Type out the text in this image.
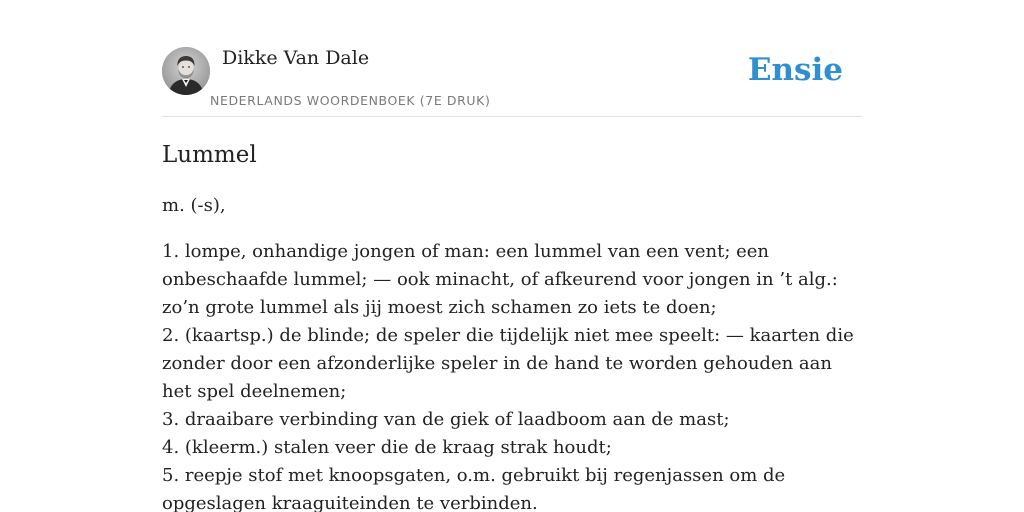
Dikke Van Dale
NEDERLANDS WOORDENBOEK (7E DRUK)
Ensie
Lummel

m. (-s),

1. lompe, onhandige jongen of man: een lummel van een vent; een onbeschaafde lummel; — ook minacht, of afkeurend voor jongen in ’t alg.: zo’n grote lummel als jij moest zich schamen zo iets te doen;

2. (kaartsp.) de blinde; de speler die tijdelijk niet mee speelt: — kaarten die zonder door een afzonderlijke speler in de hand te worden gehouden aan het spel deelnemen;

3. draaibare verbinding van de giek of laadboom aan de mast;

4. (kleerm.) stalen veer die de kraag strak houdt;

5. reepje stof met knoopsgaten, o.m. gebruikt bij regenjassen om de opgeslagen kraaguiteinden te verbinden.
